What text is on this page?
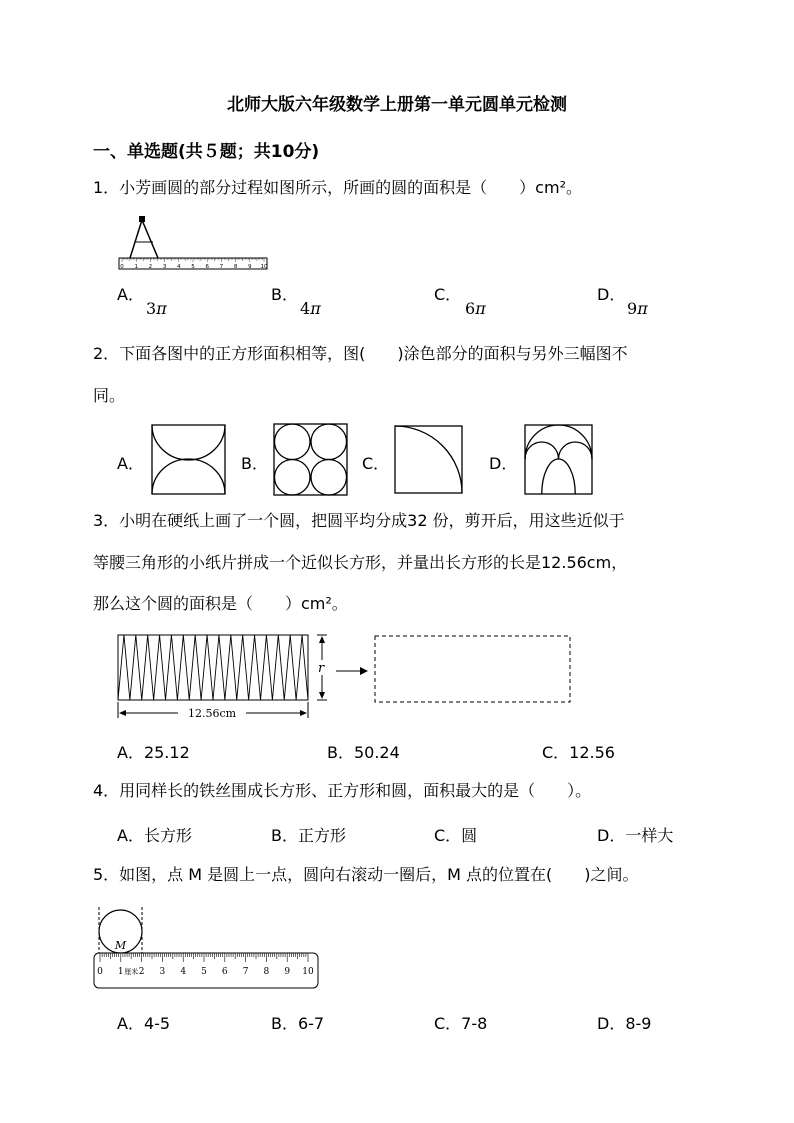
北师大版六年级数学上册第一单元圆单元检测
一、单选题(共５题；共10分)
1．小芳画圆的部分过程如图所示，所画的圆的面积是（　　）cm²。
0 1 2 3 4 5 6 7 8 9 10
A．
3π
B．
4π
C．
6π
D．
9π
2．下面各图中的正方形面积相等，图(　　)涂色部分的面积与另外三幅图不
同。
A．	B．	C．	D．
3．小明在硬纸上画了一个圆，把圆平均分成32 份，剪开后，用这些近似于
等腰三角形的小纸片拼成一个近似长方形，并量出长方形的长是12.56cm，
那么这个圆的面积是（　　）cm²。
r
12.56cm
A．25.12	B．50.24	C．12.56
4．用同样长的铁丝围成长方形、正方形和圆，面积最大的是（　　）。
A．长方形	B．正方形	C．圆	D．一样大
5．如图，点 M 是圆上一点，圆向右滚动一圈后，M 点的位置在(　　)之间。
M
0 1 2 3 4 5 6 7 8 9 10
厘米
A．4-5	B．6-7	C．7-8	D．8-9
